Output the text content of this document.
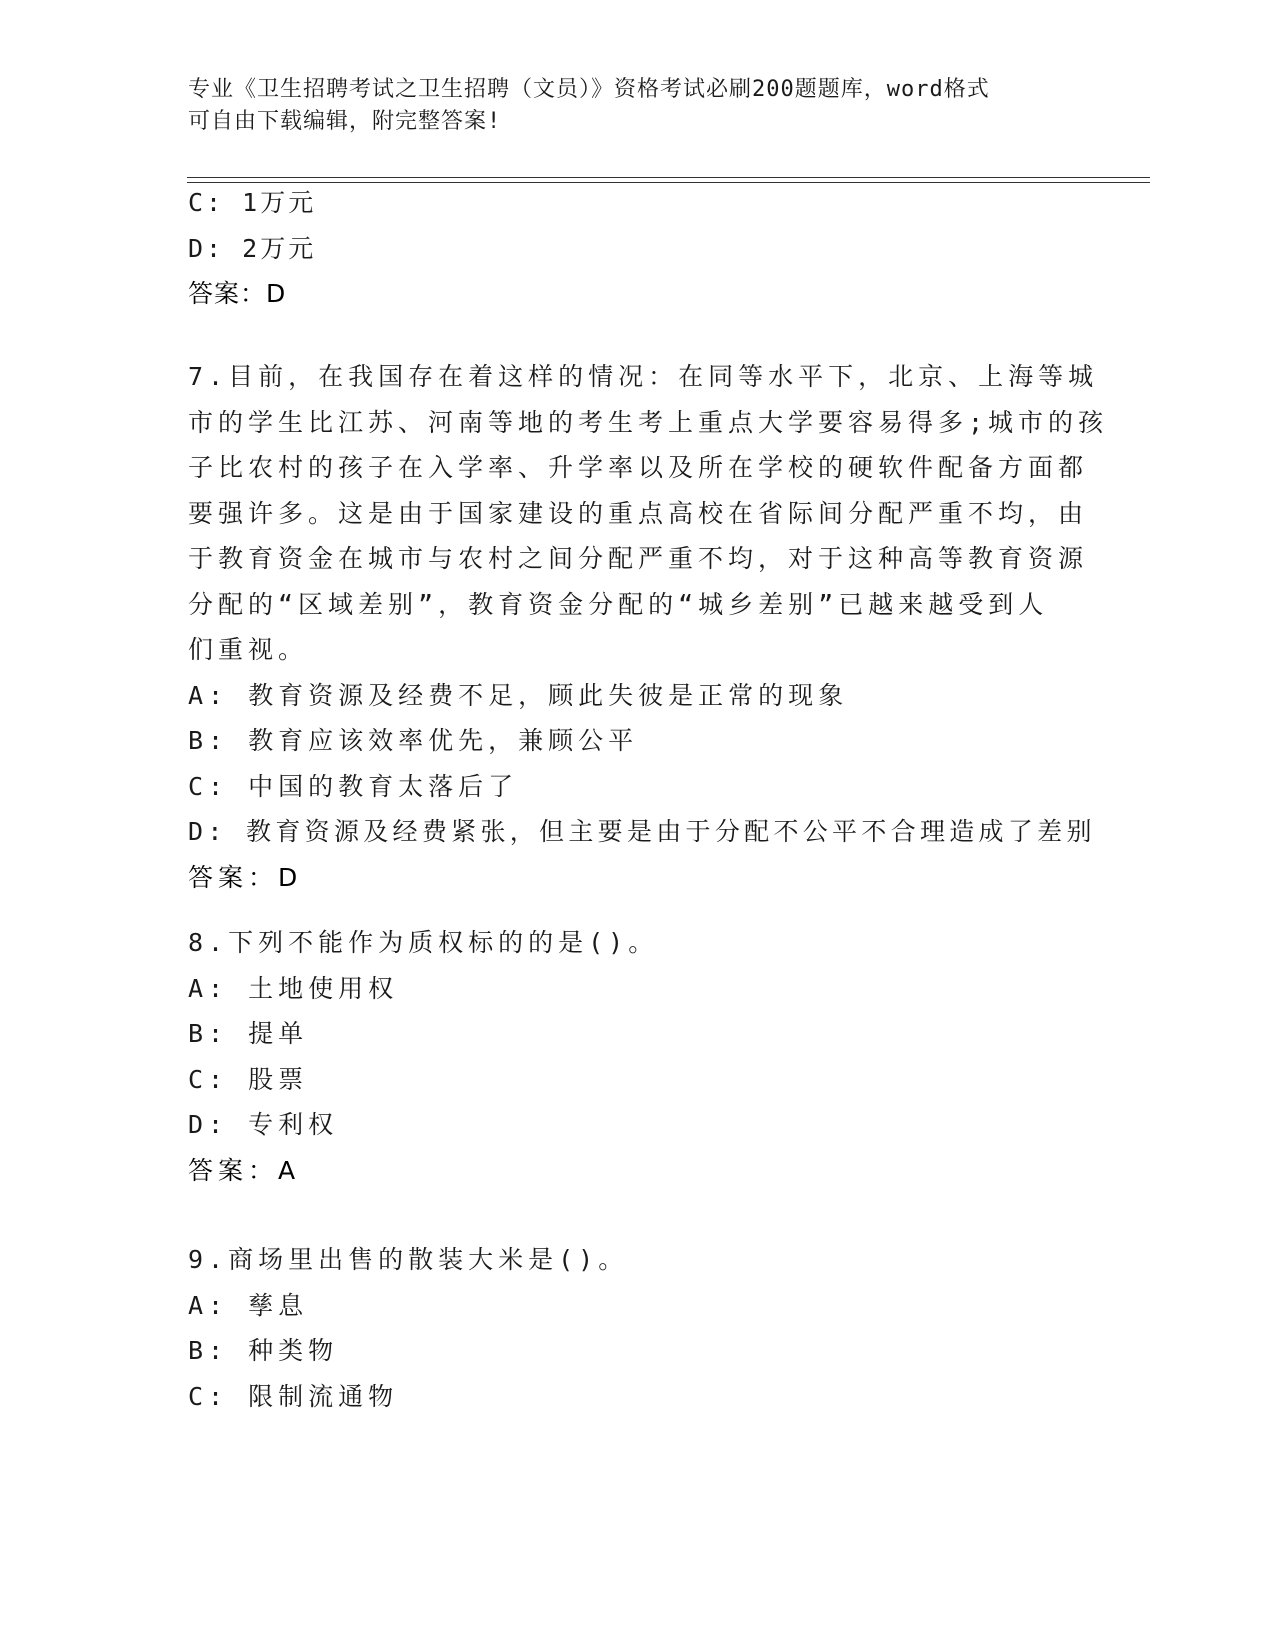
专业《卫生招聘考试之卫生招聘（文员）》资格考试必刷200题题库，word格式
可自由下载编辑，附完整答案!
C: 1万元
D: 2万元
答案：D
7.目前，在我国存在着这样的情况：在同等水平下，北京、上海等城
市的学生比江苏、河南等地的考生考上重点大学要容易得多;城市的孩
子比农村的孩子在入学率、升学率以及所在学校的硬软件配备方面都
要强许多。这是由于国家建设的重点高校在省际间分配严重不均，由
于教育资金在城市与农村之间分配严重不均，对于这种高等教育资源
分配的“区域差别”，教育资金分配的“城乡差别”已越来越受到人
们重视。
A: 教育资源及经费不足，顾此失彼是正常的现象
B: 教育应该效率优先，兼顾公平
C: 中国的教育太落后了
D: 教育资源及经费紧张，但主要是由于分配不公平不合理造成了差别
答案：D
8.下列不能作为质权标的的是()。
A: 土地使用权
B: 提单
C: 股票
D: 专利权
答案：A
9.商场里出售的散装大米是()。
A: 孳息
B: 种类物
C: 限制流通物
